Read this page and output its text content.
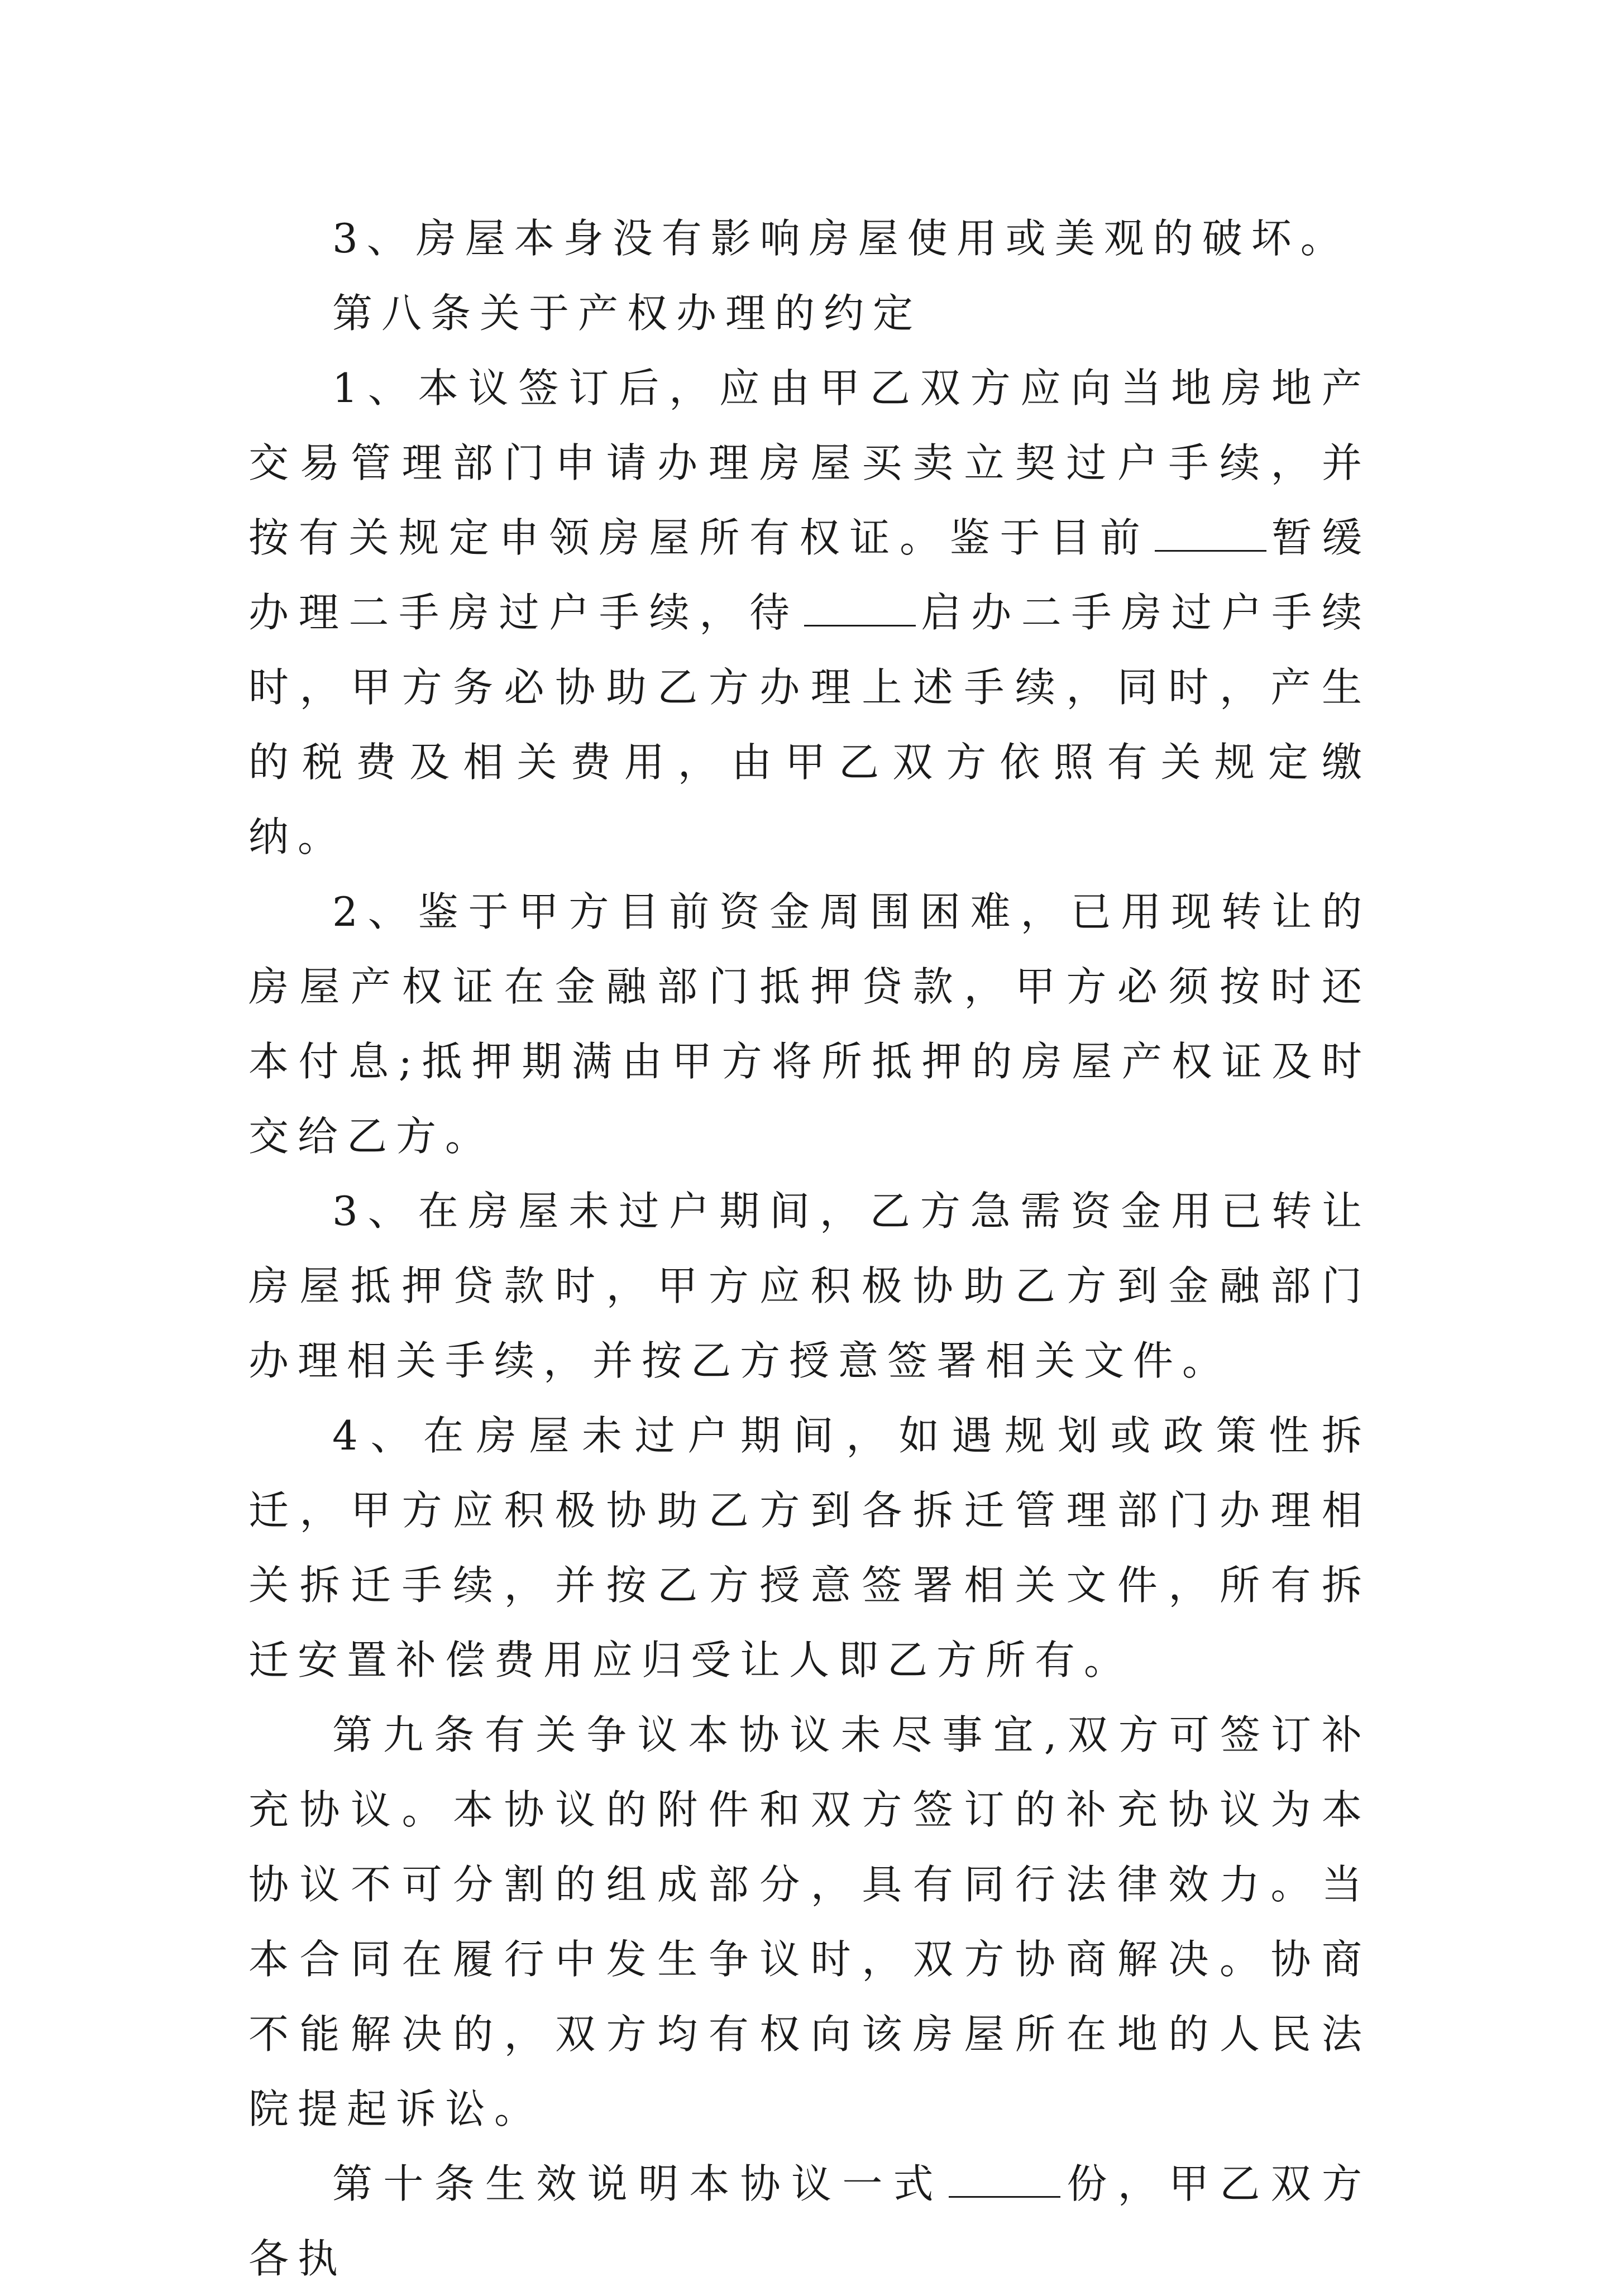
3、房屋本身没有影响房屋使用或美观的破坏。

第八条关于产权办理的约定

1、本议签订后，应由甲乙双方应向当地房地产交易管理部门申请办理房屋买卖立契过户手续，并按有关规定申领房屋所有权证。鉴于目前	暂缓办理二手房过户手续，待	启办二手房过户手续时，甲方务必协助乙方办理上述手续，同时，产生的税费及相关费用，由甲乙双方依照有关规定缴纳。

2、鉴于甲方目前资金周围困难，已用现转让的房屋产权证在金融部门抵押贷款，甲方必须按时还本付息;抵押期满由甲方将所抵押的房屋产权证及时交给乙方。

3、在房屋未过户期间，乙方急需资金用已转让房屋抵押贷款时，甲方应积极协助乙方到金融部门办理相关手续，并按乙方授意签署相关文件。

4、在房屋未过户期间，如遇规划或政策性拆迁，甲方应积极协助乙方到各拆迁管理部门办理相关拆迁手续，并按乙方授意签署相关文件，所有拆迁安置补偿费用应归受让人即乙方所有。

第九条有关争议本协议未尽事宜,双方可签订补充协议。本协议的附件和双方签订的补充协议为本协议不可分割的组成部分，具有同行法律效力。当本合同在履行中发生争议时，双方协商解决。协商不能解决的，双方均有权向该房屋所在地的人民法院提起诉讼。

第十条生效说明本协议一式	份，甲乙双方各执
